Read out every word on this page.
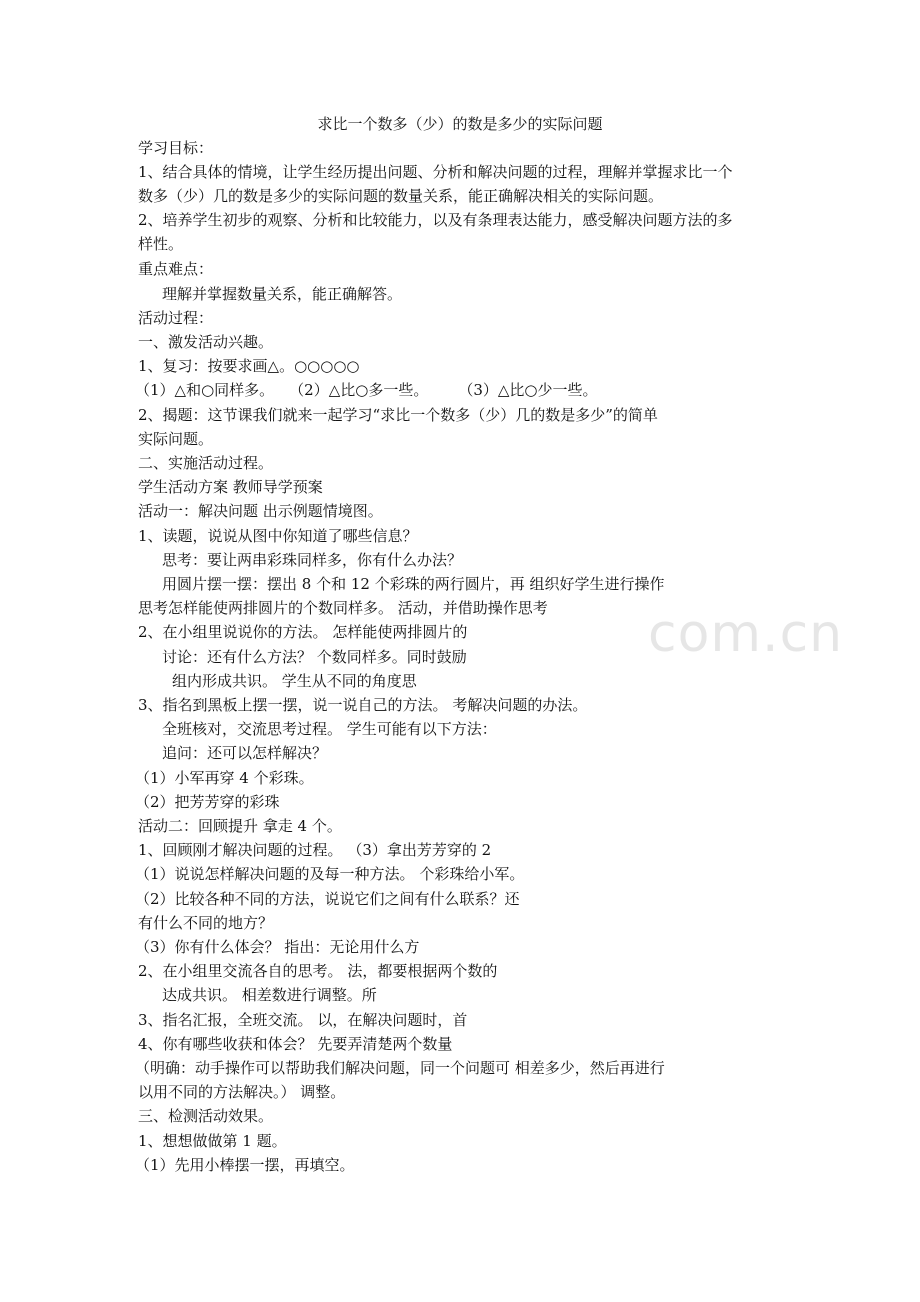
求比一个数多（少）的数是多少的实际问题
学习目标：
1、结合具体的情境，让学生经历提出问题、分析和解决问题的过程，理解并掌握求比一个
数多（少）几的数是多少的实际问题的数量关系，能正确解决相关的实际问题。
2、培养学生初步的观察、分析和比较能力，以及有条理表达能力，感受解决问题方法的多
样性。
重点难点：
理解并掌握数量关系，能正确解答。
活动过程：
一、激发活动兴趣。
1、复习：按要求画△。○○○○○
（1）△和○同样多。　　（2）△比○多一些。　　　（3）△比○少一些。
2、揭题：这节课我们就来一起学习“求比一个数多（少）几的数是多少”的简单
实际问题。
二、实施活动过程。
学生活动方案 教师导学预案
活动一：解决问题 出示例题情境图。
1、读题，说说从图中你知道了哪些信息？
思考：要让两串彩珠同样多，你有什么办法？
用圆片摆一摆：摆出 8 个和 12 个彩珠的两行圆片，再 组织好学生进行操作
思考怎样能使两排圆片的个数同样多。 活动，并借助操作思考
2、在小组里说说你的方法。 怎样能使两排圆片的
讨论：还有什么方法？ 个数同样多。同时鼓励
组内形成共识。 学生从不同的角度思
3、指名到黑板上摆一摆，说一说自己的方法。 考解决问题的办法。
全班核对，交流思考过程。 学生可能有以下方法：
追问：还可以怎样解决？
（1）小军再穿 4 个彩珠。
（2）把芳芳穿的彩珠
活动二：回顾提升 拿走 4 个。
1、回顾刚才解决问题的过程。 （3）拿出芳芳穿的 2
（1）说说怎样解决问题的及每一种方法。 个彩珠给小军。
（2）比较各种不同的方法，说说它们之间有什么联系？还
有什么不同的地方？
（3）你有什么体会？ 指出：无论用什么方
2、在小组里交流各自的思考。 法，都要根据两个数的
达成共识。 相差数进行调整。所
3、指名汇报，全班交流。 以，在解决问题时，首
4、你有哪些收获和体会？ 先要弄清楚两个数量
（明确：动手操作可以帮助我们解决问题，同一个问题可 相差多少，然后再进行
以用不同的方法解决。） 调整。
三、检测活动效果。
1、想想做做第 1 题。
（1）先用小棒摆一摆，再填空。
com.cn
